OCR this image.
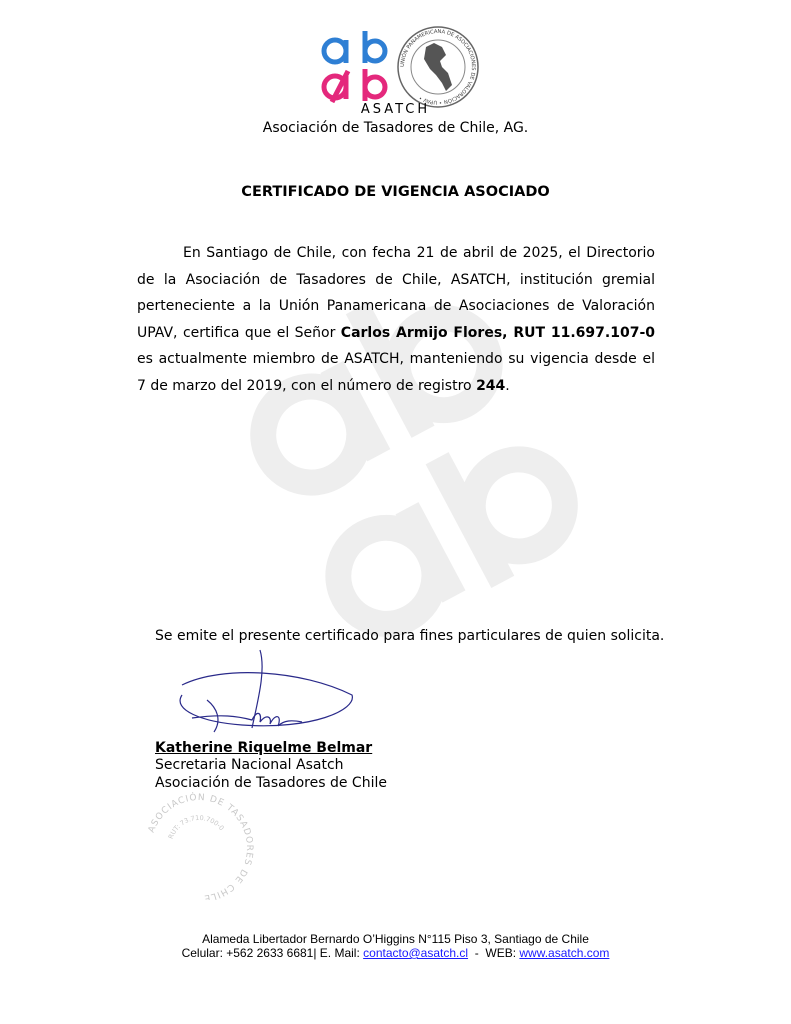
UNIÓN PANAMERICANA DE ASOCIACIONES DE VALORACIÓN • UPAV •
ASATCH
Asociación de Tasadores de Chile, AG.
CERTIFICADO DE VIGENCIA ASOCIADO
En Santiago de Chile, con fecha 21 de abril de 2025, el Directorio de la Asociación de Tasadores de Chile, ASATCH, institución gremial perteneciente a la Unión Panamericana de Asociaciones de Valoración UPAV, certifica que el Señor Carlos Armijo Flores, RUT 11.697.107-0 es actualmente miembro de ASATCH, manteniendo su vigencia desde el 7 de marzo del 2019, con el número de registro 244.
Se emite el presente certificado para fines particulares de quien solicita.
Katherine Riquelme Belmar
Secretaria Nacional Asatch
Asociación de Tasadores de Chile
ASOCIACIÓN DE TASADORES DE CHILE
RUT: 73.710.700-0
Alameda Libertador Bernardo O’Higgins N°115 Piso 3, Santiago de Chile
Celular: +562 2633 6681| E. Mail: contacto@asatch.cl  -  WEB: www.asatch.com
